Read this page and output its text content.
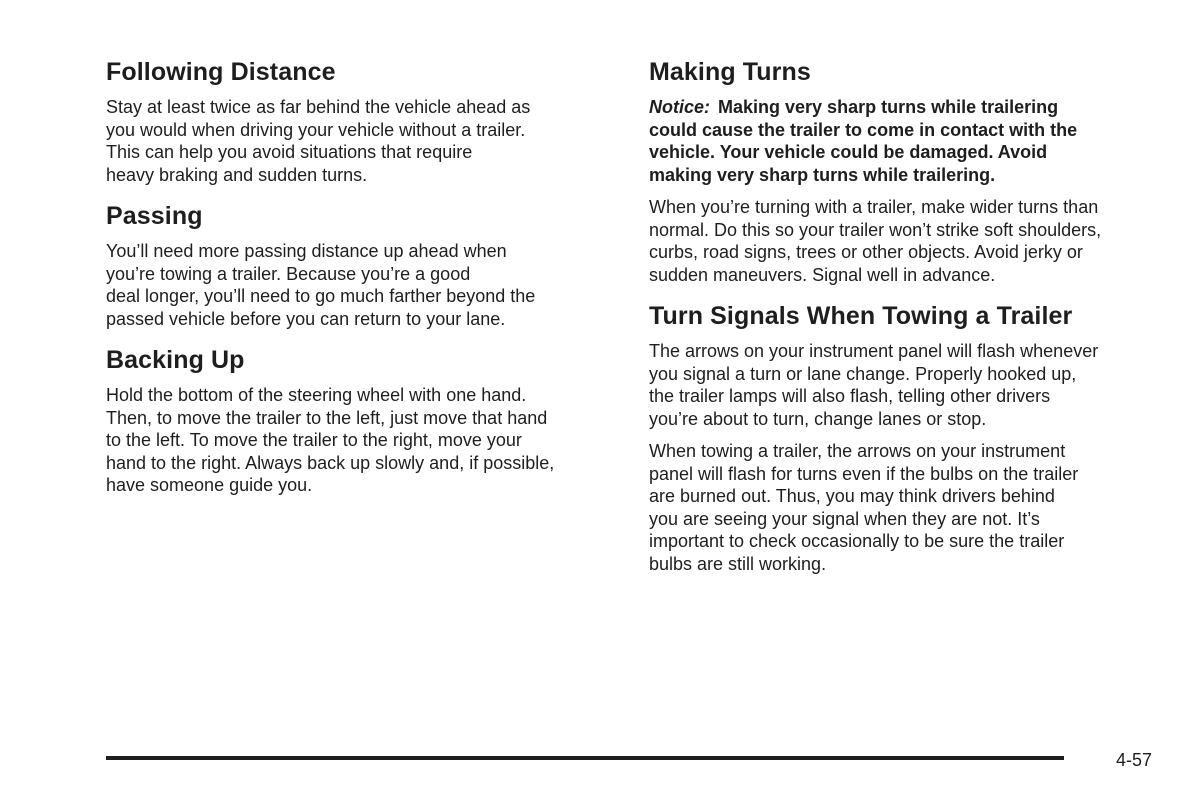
Following Distance

Stay at least twice as far behind the vehicle ahead as
you would when driving your vehicle without a trailer.
This can help you avoid situations that require
heavy braking and sudden turns.

Passing

You’ll need more passing distance up ahead when
you’re towing a trailer. Because you’re a good
deal longer, you’ll need to go much farther beyond the
passed vehicle before you can return to your lane.

Backing Up

Hold the bottom of the steering wheel with one hand.
Then, to move the trailer to the left, just move that hand
to the left. To move the trailer to the right, move your
hand to the right. Always back up slowly and, if possible,
have someone guide you.

Making Turns
Notice: Making very sharp turns while trailering
could cause the trailer to come in contact with the
vehicle. Your vehicle could be damaged. Avoid
making very sharp turns while trailering.

When you’re turning with a trailer, make wider turns than
normal. Do this so your trailer won’t strike soft shoulders,
curbs, road signs, trees or other objects. Avoid jerky or
sudden maneuvers. Signal well in advance.

Turn Signals When Towing a Trailer

The arrows on your instrument panel will flash whenever
you signal a turn or lane change. Properly hooked up,
the trailer lamps will also flash, telling other drivers
you’re about to turn, change lanes or stop.

When towing a trailer, the arrows on your instrument
panel will flash for turns even if the bulbs on the trailer
are burned out. Thus, you may think drivers behind
you are seeing your signal when they are not. It’s
important to check occasionally to be sure the trailer
bulbs are still working.

4-57
